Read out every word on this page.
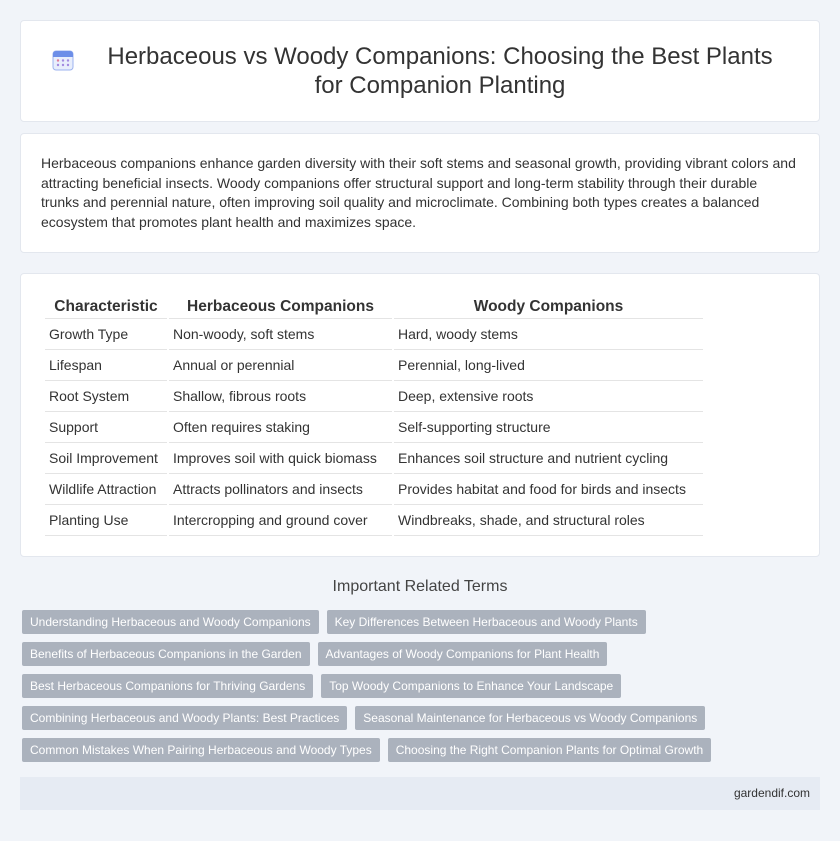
Herbaceous vs Woody Companions: Choosing the Best Plants for Companion Planting

Herbaceous companions enhance garden diversity with their soft stems and seasonal growth, providing vibrant colors and attracting beneficial insects. Woody companions offer structural support and long-term stability through their durable trunks and perennial nature, often improving soil quality and microclimate. Combining both types creates a balanced ecosystem that promotes plant health and maximizes space.

Characteristic	Herbaceous Companions	Woody Companions
Growth Type	Non-woody, soft stems	Hard, woody stems
Lifespan	Annual or perennial	Perennial, long-lived
Root System	Shallow, fibrous roots	Deep, extensive roots
Support	Often requires staking	Self-supporting structure
Soil Improvement	Improves soil with quick biomass	Enhances soil structure and nutrient cycling
Wildlife Attraction	Attracts pollinators and insects	Provides habitat and food for birds and insects
Planting Use	Intercropping and ground cover	Windbreaks, shade, and structural roles
Important Related Terms
Understanding Herbaceous and Woody Companions	Key Differences Between Herbaceous and Woody Plants
Benefits of Herbaceous Companions in the Garden	Advantages of Woody Companions for Plant Health
Best Herbaceous Companions for Thriving Gardens	Top Woody Companions to Enhance Your Landscape
Combining Herbaceous and Woody Plants: Best Practices	Seasonal Maintenance for Herbaceous vs Woody Companions
Common Mistakes When Pairing Herbaceous and Woody Types	Choosing the Right Companion Plants for Optimal Growth
gardendif.com
